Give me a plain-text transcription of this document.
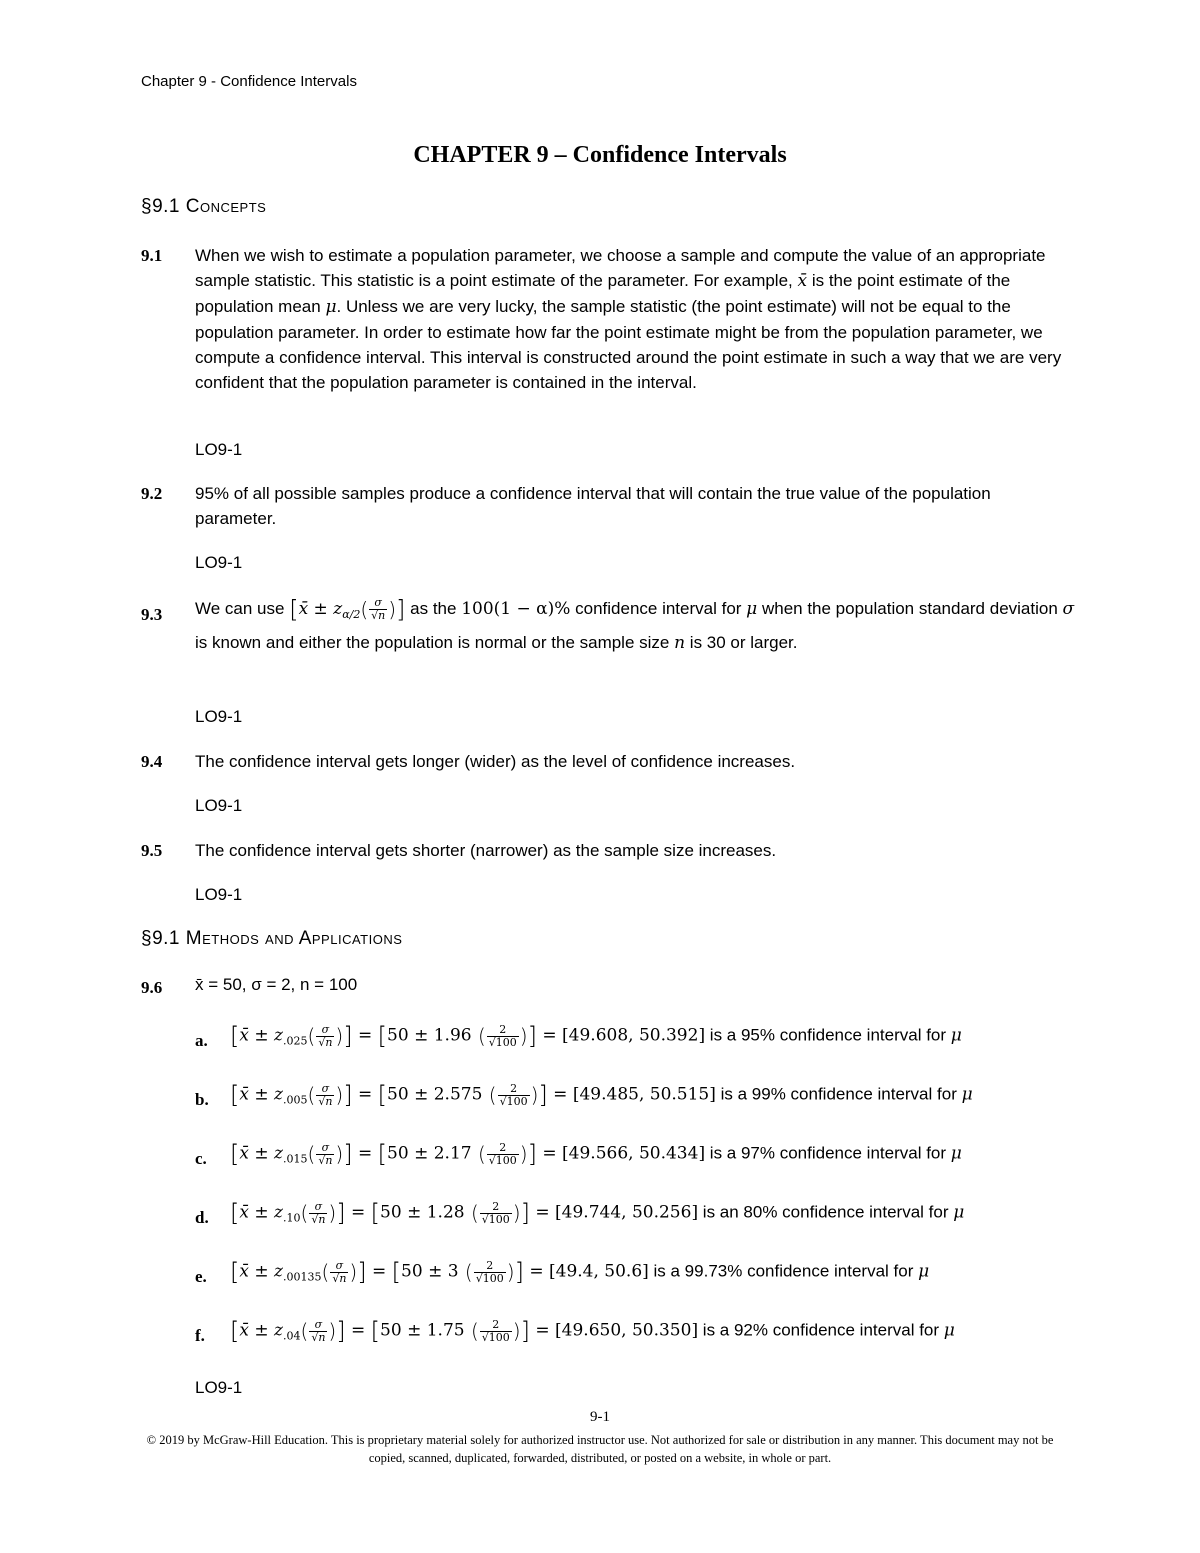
Chapter 9 - Confidence Intervals
CHAPTER 9 – Confidence Intervals
§9.1 Concepts
9.1 When we wish to estimate a population parameter, we choose a sample and compute the value of an appropriate sample statistic. This statistic is a point estimate of the parameter. For example, x̄ is the point estimate of the population mean μ. Unless we are very lucky, the sample statistic (the point estimate) will not be equal to the population parameter. In order to estimate how far the point estimate might be from the population parameter, we compute a confidence interval. This interval is constructed around the point estimate in such a way that we are very confident that the population parameter is contained in the interval.
LO9-1
9.2 95% of all possible samples produce a confidence interval that will contain the true value of the population parameter.
LO9-1
9.3 We can use [x̄ ± $z_{\alpha/2}( \frac{\sigma}{√n}$ )] as the 100(1 − α)% confidence interval for μ when the population standard deviation σ is known and either the population is normal or the sample size n is 30 or larger.
LO9-1
9.4 The confidence interval gets longer (wider) as the level of confidence increases.
LO9-1
9.5 The confidence interval gets shorter (narrower) as the sample size increases.
LO9-1
§9.1 Methods and Applications
9.6 x̄ = 50, σ = 2, n = 100
a. [x̄ ± $z_{.025}( \frac{\sigma}{√n}$ )] = [50 ± 1.96 ( $\frac{2}{√100}$ )] = [49.608, 50.392] is a 95% confidence interval for μ
b. [x̄ ± $z_{.005}( \frac{\sigma}{√n}$ )] = [50 ± 2.575 ( $\frac{2}{√100}$ )] = [49.485, 50.515] is a 99% confidence interval for μ
c. [x̄ ± $z_{.015}( \frac{\sigma}{√n}$ )] = [50 ± 2.17 ( $\frac{2}{√100}$ )] = [49.566, 50.434] is a 97% confidence interval for μ
d. [x̄ ± $z_{.10}( \frac{\sigma}{√n}$ )] = [50 ± 1.28 ( $\frac{2}{√100}$ )] = [49.744, 50.256] is an 80% confidence interval for μ
e. [x̄ ± $z_{.00135}( \frac{\sigma}{√n}$ )] = [50 ± 3 ( $\frac{2}{√100}$ )] = [49.4, 50.6] is a 99.73% confidence interval for μ
f. [x̄ ± $z_{.04}( \frac{\sigma}{√n}$ )] = [50 ± 1.75 ( $\frac{2}{√100}$ )] = [49.650, 50.350] is a 92% confidence interval for μ
LO9-1
9-1
© 2019 by McGraw-Hill Education. This is proprietary material solely for authorized instructor use. Not authorized for sale or distribution in any manner. This document may not be copied, scanned, duplicated, forwarded, distributed, or posted on a website, in whole or part.
